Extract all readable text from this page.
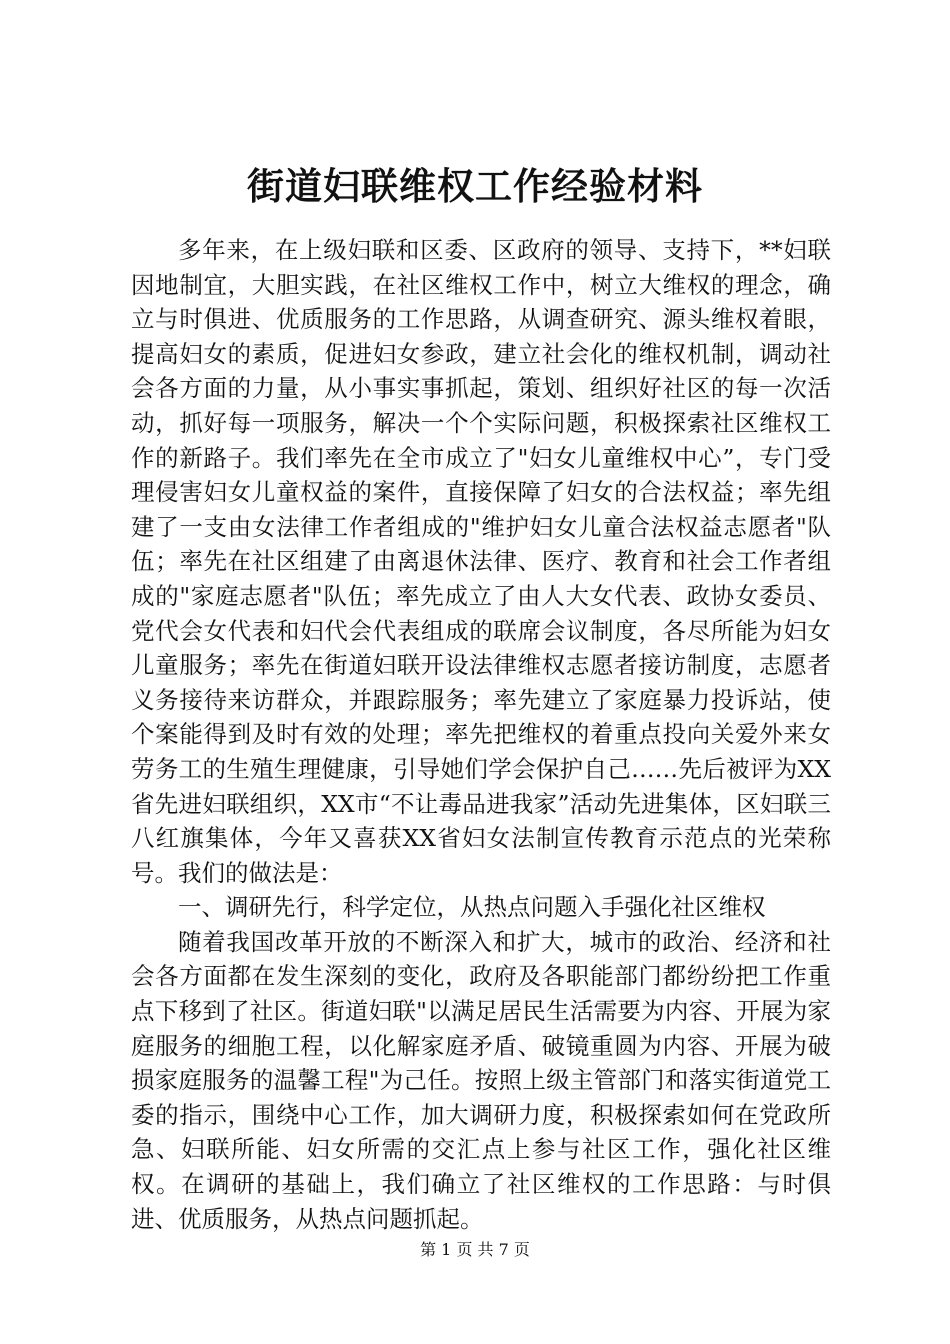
街道妇联维权工作经验材料

多年来，在上级妇联和区委、区政府的领导、支持下，**妇联因地制宜，大胆实践，在社区维权工作中，树立大维权的理念，确立与时俱进、优质服务的工作思路，从调查研究、源头维权着眼，提高妇女的素质，促进妇女参政，建立社会化的维权机制，调动社会各方面的力量，从小事实事抓起，策划、组织好社区的每一次活动，抓好每一项服务，解决一个个实际问题，积极探索社区维权工作的新路子。我们率先在全市成立了"妇女儿童维权中心”，专门受理侵害妇女儿童权益的案件，直接保障了妇女的合法权益；率先组建了一支由女法律工作者组成的"维护妇女儿童合法权益志愿者"队伍；率先在社区组建了由离退休法律、医疗、教育和社会工作者组成的"家庭志愿者"队伍；率先成立了由人大女代表、政协女委员、党代会女代表和妇代会代表组成的联席会议制度，各尽所能为妇女儿童服务；率先在街道妇联开设法律维权志愿者接访制度，志愿者义务接待来访群众，并跟踪服务；率先建立了家庭暴力投诉站，使个案能得到及时有效的处理；率先把维权的着重点投向关爱外来女劳务工的生殖生理健康，引导她们学会保护自己……先后被评为XX省先进妇联组织，XX市“不让毒品进我家”活动先进集体，区妇联三八红旗集体，今年又喜获XX省妇女法制宣传教育示范点的光荣称号。我们的做法是：

一、调研先行，科学定位，从热点问题入手强化社区维权

随着我国改革开放的不断深入和扩大，城市的政治、经济和社会各方面都在发生深刻的变化，政府及各职能部门都纷纷把工作重点下移到了社区。街道妇联"以满足居民生活需要为内容、开展为家庭服务的细胞工程，以化解家庭矛盾、破镜重圆为内容、开展为破损家庭服务的温馨工程"为己任。按照上级主管部门和落实街道党工委的指示，围绕中心工作，加大调研力度，积极探索如何在党政所急、妇联所能、妇女所需的交汇点上参与社区工作，强化社区维权。在调研的基础上，我们确立了社区维权的工作思路：与时俱进、优质服务，从热点问题抓起。

第 1 页 共 7 页
